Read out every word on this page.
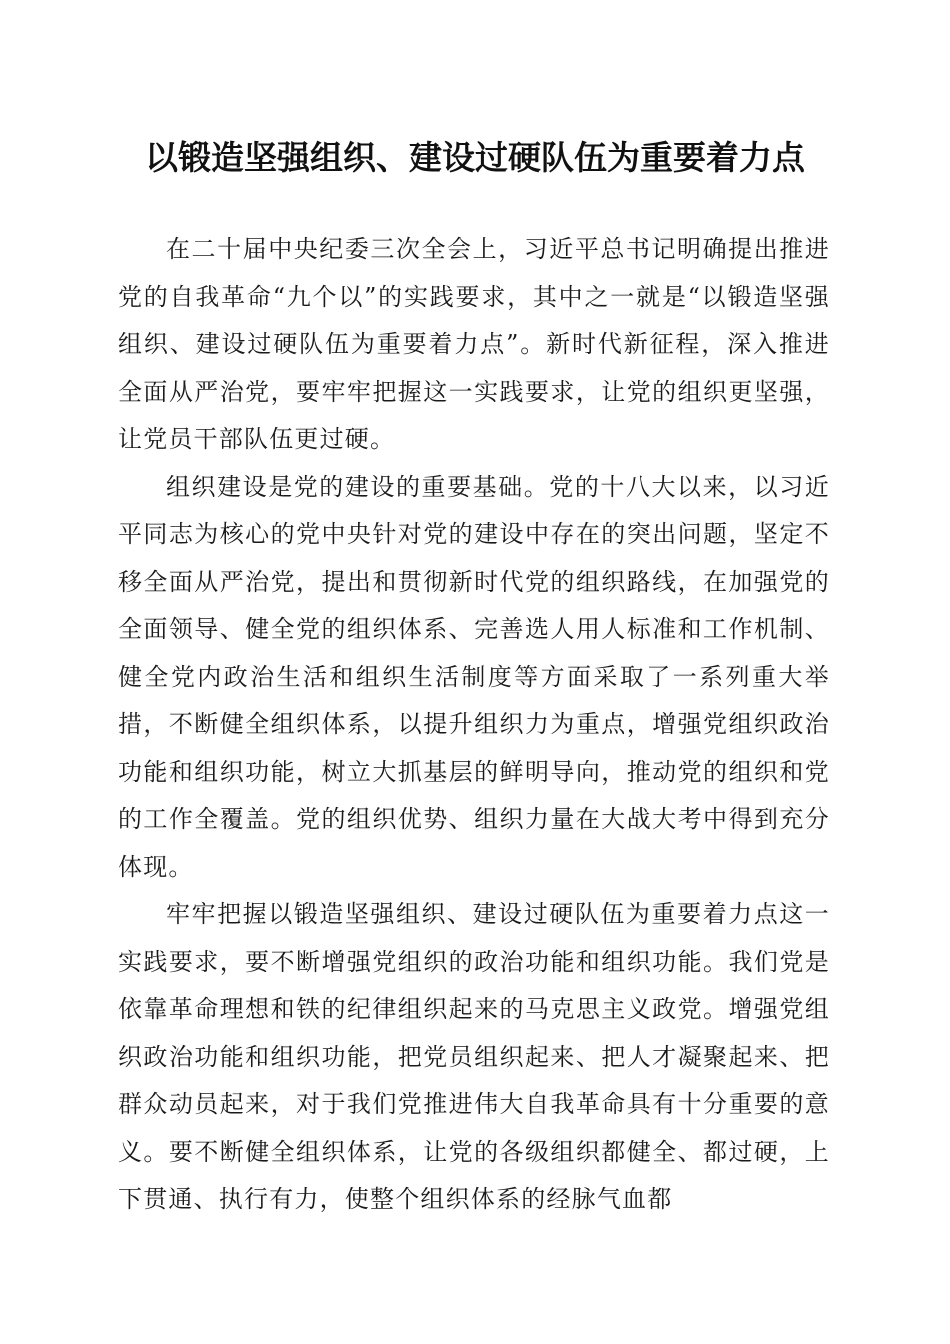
以锻造坚强组织、建设过硬队伍为重要着力点

在二十届中央纪委三次全会上，习近平总书记明确提出推进党的自我革命“九个以”的实践要求，其中之一就是“以锻造坚强组织、建设过硬队伍为重要着力点”。新时代新征程，深入推进全面从严治党，要牢牢把握这一实践要求，让党的组织更坚强，让党员干部队伍更过硬。

组织建设是党的建设的重要基础。党的十八大以来，以习近平同志为核心的党中央针对党的建设中存在的突出问题，坚定不移全面从严治党，提出和贯彻新时代党的组织路线，在加强党的全面领导、健全党的组织体系、完善选人用人标准和工作机制、健全党内政治生活和组织生活制度等方面采取了一系列重大举措，不断健全组织体系，以提升组织力为重点，增强党组织政治功能和组织功能，树立大抓基层的鲜明导向，推动党的组织和党的工作全覆盖。党的组织优势、组织力量在大战大考中得到充分体现。

牢牢把握以锻造坚强组织、建设过硬队伍为重要着力点这一实践要求，要不断增强党组织的政治功能和组织功能。我们党是依靠革命理想和铁的纪律组织起来的马克思主义政党。增强党组织政治功能和组织功能，把党员组织起来、把人才凝聚起来、把群众动员起来，对于我们党推进伟大自我革命具有十分重要的意义。要不断健全组织体系，让党的各级组织都健全、都过硬，上下贯通、执行有力，使整个组织体系的经脉气血都
